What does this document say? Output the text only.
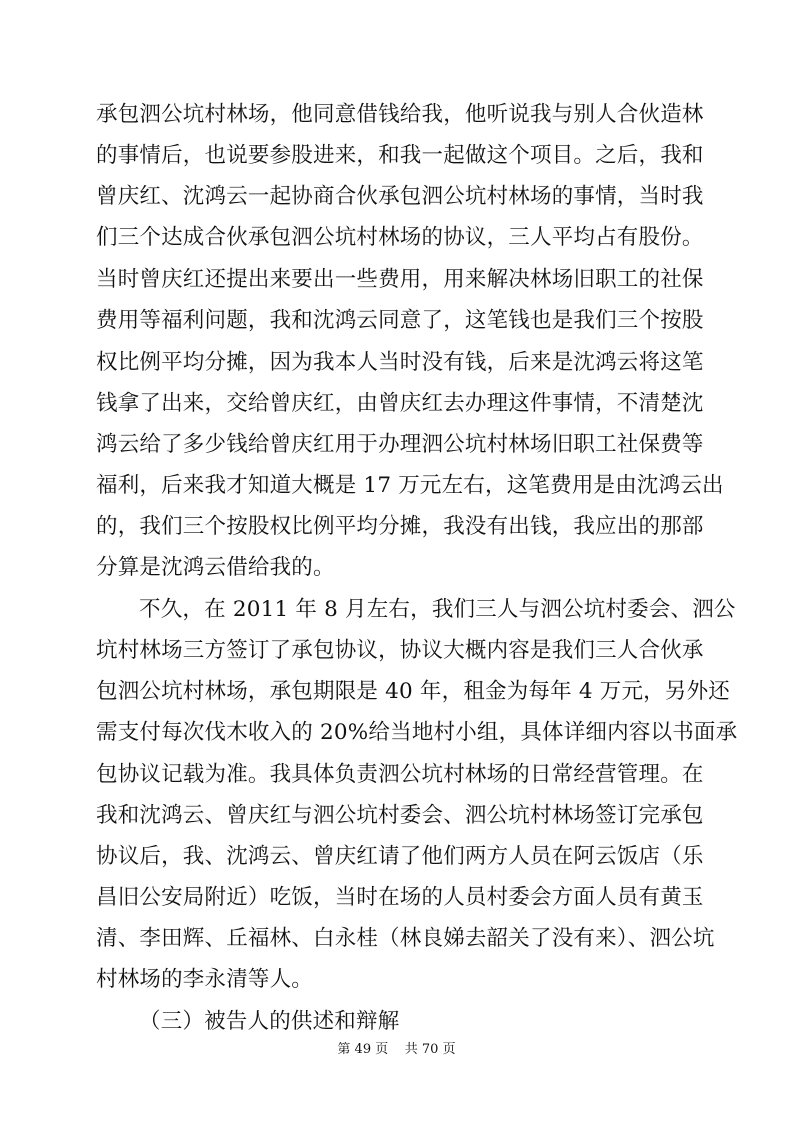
承包泗公坑村林场，他同意借钱给我，他听说我与别人合伙造林
的事情后，也说要参股进来，和我一起做这个项目。之后，我和
曾庆红、沈鸿云一起协商合伙承包泗公坑村林场的事情，当时我
们三个达成合伙承包泗公坑村林场的协议，三人平均占有股份。
当时曾庆红还提出来要出一些费用，用来解决林场旧职工的社保
费用等福利问题，我和沈鸿云同意了，这笔钱也是我们三个按股
权比例平均分摊，因为我本人当时没有钱，后来是沈鸿云将这笔
钱拿了出来，交给曾庆红，由曾庆红去办理这件事情，不清楚沈
鸿云给了多少钱给曾庆红用于办理泗公坑村林场旧职工社保费等
福利，后来我才知道大概是 17 万元左右，这笔费用是由沈鸿云出
的，我们三个按股权比例平均分摊，我没有出钱，我应出的那部
分算是沈鸿云借给我的。
不久，在 2011 年 8 月左右，我们三人与泗公坑村委会、泗公
坑村林场三方签订了承包协议，协议大概内容是我们三人合伙承
包泗公坑村林场，承包期限是 40 年，租金为每年 4 万元，另外还
需支付每次伐木收入的 20%给当地村小组，具体详细内容以书面承
包协议记载为准。我具体负责泗公坑村林场的日常经营管理。在
我和沈鸿云、曾庆红与泗公坑村委会、泗公坑村林场签订完承包
协议后，我、沈鸿云、曾庆红请了他们两方人员在阿云饭店（乐
昌旧公安局附近）吃饭，当时在场的人员村委会方面人员有黄玉
清、李田辉、丘福林、白永桂（林良娣去韶关了没有来）、泗公坑
村林场的李永清等人。
（三）被告人的供述和辩解
第 49 页    共 70 页
